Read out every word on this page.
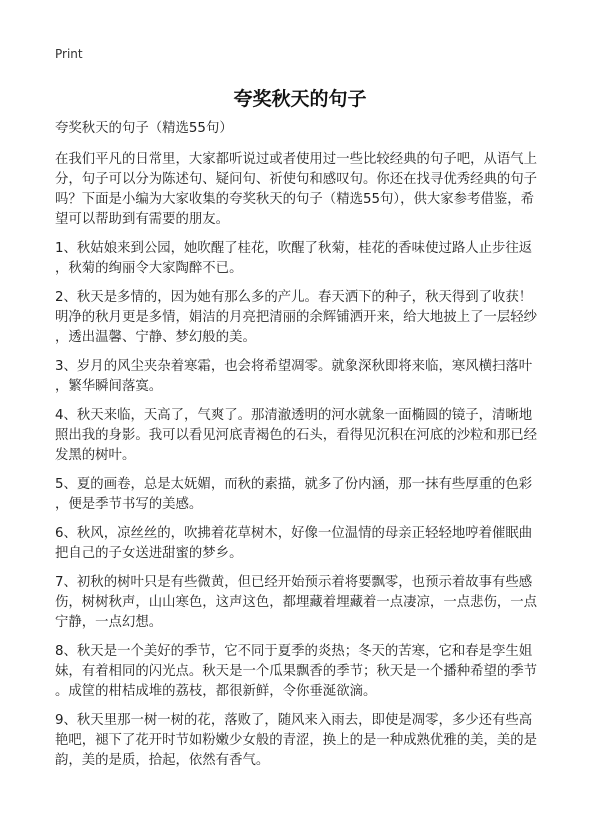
Print
夸奖秋天的句子
夸奖秋天的句子（精选55句）
在我们平凡的日常里，大家都听说过或者使用过一些比较经典的句子吧，从语气上
分，句子可以分为陈述句、疑问句、祈使句和感叹句。你还在找寻优秀经典的句子
吗？下面是小编为大家收集的夸奖秋天的句子（精选55句），供大家参考借鉴，希
望可以帮助到有需要的朋友。
1、秋姑娘来到公园，她吹醒了桂花，吹醒了秋菊，桂花的香味使过路人止步往返
，秋菊的绚丽令大家陶醉不已。
2、秋天是多情的，因为她有那么多的产儿。春天洒下的种子，秋天得到了收获！
明净的秋月更是多情，娟洁的月亮把清丽的余辉铺洒开来，给大地披上了一层轻纱
，透出温馨、宁静、梦幻般的美。
3、岁月的风尘夹杂着寒霜，也会将希望凋零。就象深秋即将来临，寒风横扫落叶
，繁华瞬间落寞。
4、秋天来临，天高了，气爽了。那清澈透明的河水就象一面椭圆的镜子，清晰地
照出我的身影。我可以看见河底青褐色的石头，看得见沉积在河底的沙粒和那已经
发黑的树叶。
5、夏的画卷，总是太妩媚，而秋的素描，就多了份内涵，那一抹有些厚重的色彩
，便是季节书写的美感。
6、秋风，凉丝丝的，吹拂着花草树木，好像一位温情的母亲正轻轻地哼着催眠曲
把自己的子女送进甜蜜的梦乡。
7、初秋的树叶只是有些微黄，但已经开始预示着将要飘零，也预示着故事有些感
伤，树树秋声，山山寒色，这声这色，都埋藏着埋藏着一点凄凉，一点悲伤，一点
宁静，一点幻想。
8、秋天是一个美好的季节，它不同于夏季的炎热；冬天的苦寒，它和春是孪生姐
妹，有着相同的闪光点。秋天是一个瓜果飘香的季节；秋天是一个播种希望的季节
。成筐的柑桔成堆的荔枝，都很新鲜，令你垂涎欲滴。
9、秋天里那一树一树的花，落败了，随风来入雨去，即使是凋零，多少还有些高
艳吧，褪下了花开时节如粉嫩少女般的青涩，换上的是一种成熟优雅的美，美的是
韵，美的是质，拾起，依然有香气。
